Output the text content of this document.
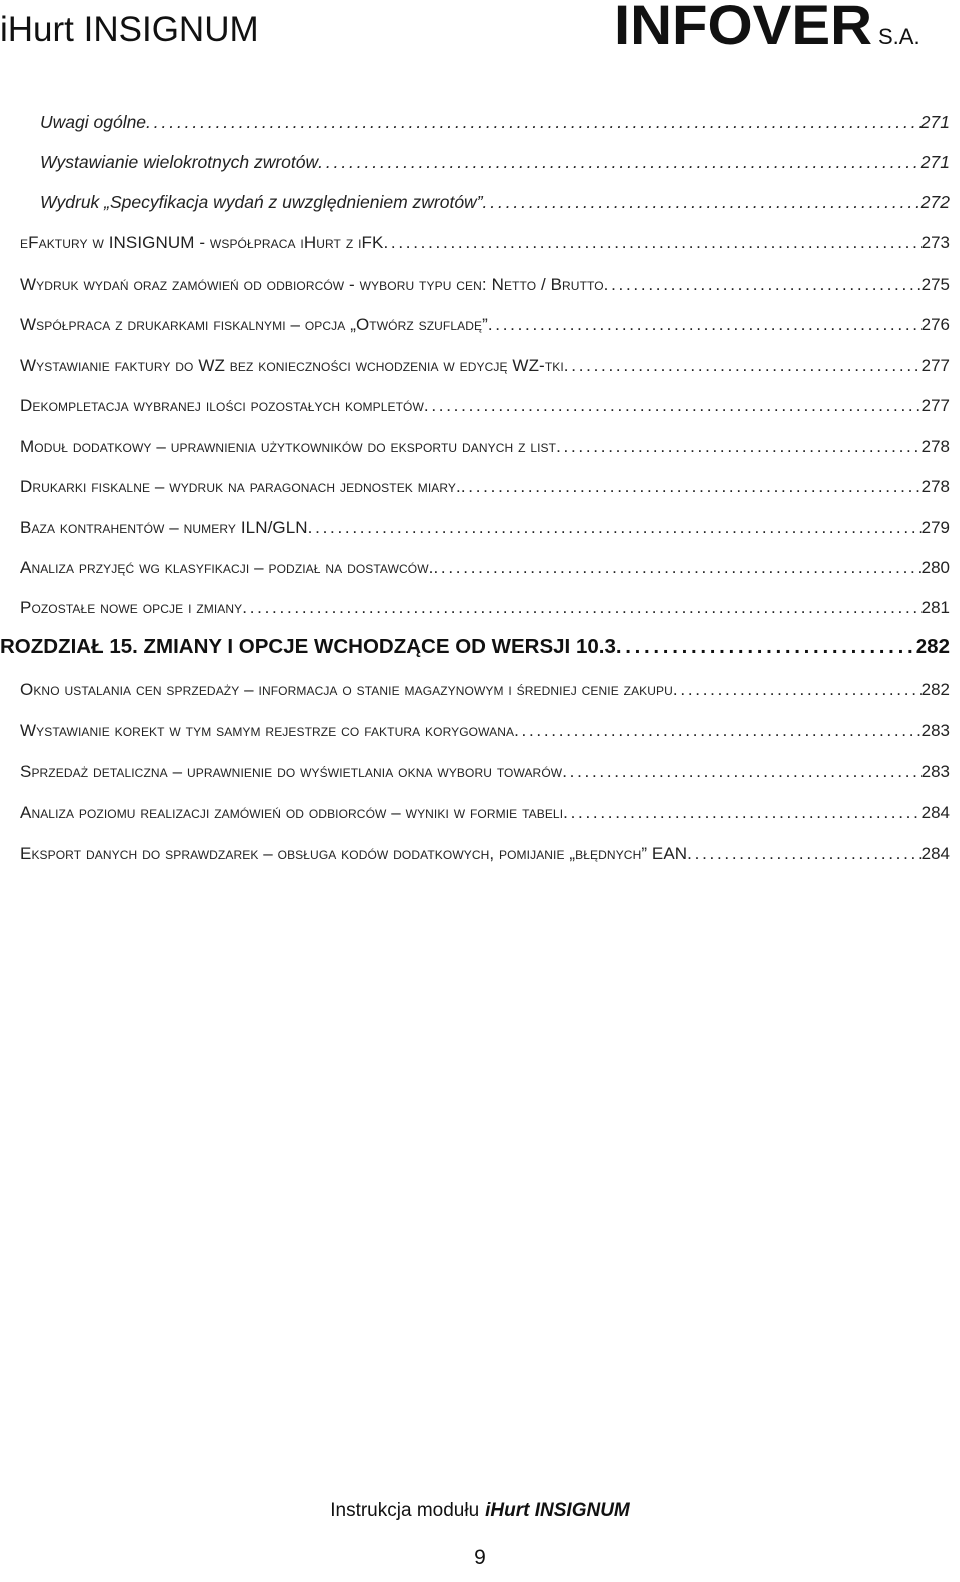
iHurt INSIGNUM	INFOVER S.A.
Uwagi ogólne . . .	271
Wystawianie wielokrotnych zwrotów . . .	271
Wydruk „Specyfikacja wydań z uwzględnieniem zwrotów” . . .	272
eFaktury w INSIGNUM - współpraca iHurt z iFK . . .	273
Wydruk wydań oraz zamówień od odbiorców - wyboru typu cen: Netto / Brutto . . .	275
Współpraca z drukarkami fiskalnymi – opcja „Otwórz szufladę” . . .	276
Wystawianie faktury do WZ bez konieczności wchodzenia w edycję WZ-tki . . .	277
Dekompletacja wybranej ilości pozostałych kompletów . . .	277
Moduł dodatkowy – uprawnienia użytkowników do eksportu danych z list . . .	278
Drukarki fiskalne – wydruk na paragonach jednostek miary. . . .	278
Baza kontrahentów – numery ILN/GLN . . .	279
Analiza przyjęć wg klasyfikacji – podział na dostawców. . . .	280
Pozostałe nowe opcje i zmiany . . .	281
ROZDZIAŁ 15. ZMIANY I OPCJE WCHODZĄCE OD WERSJI 10.3 . . .	282
Okno ustalania cen sprzedaży – informacja o stanie magazynowym i średniej cenie zakupu . . .	282
Wystawianie korekt w tym samym rejestrze co faktura korygowana . . .	283
Sprzedaż detaliczna – uprawnienie do wyświetlania okna wyboru towarów . . .	283
Analiza poziomu realizacji zamówień od odbiorców – wyniki w formie tabeli . . .	284
Eksport danych do sprawdzarek – obsługa kodów dodatkowych, pomijanie „błędnych” EAN . . .	284
Instrukcja modułu iHurt INSIGNUM
9
